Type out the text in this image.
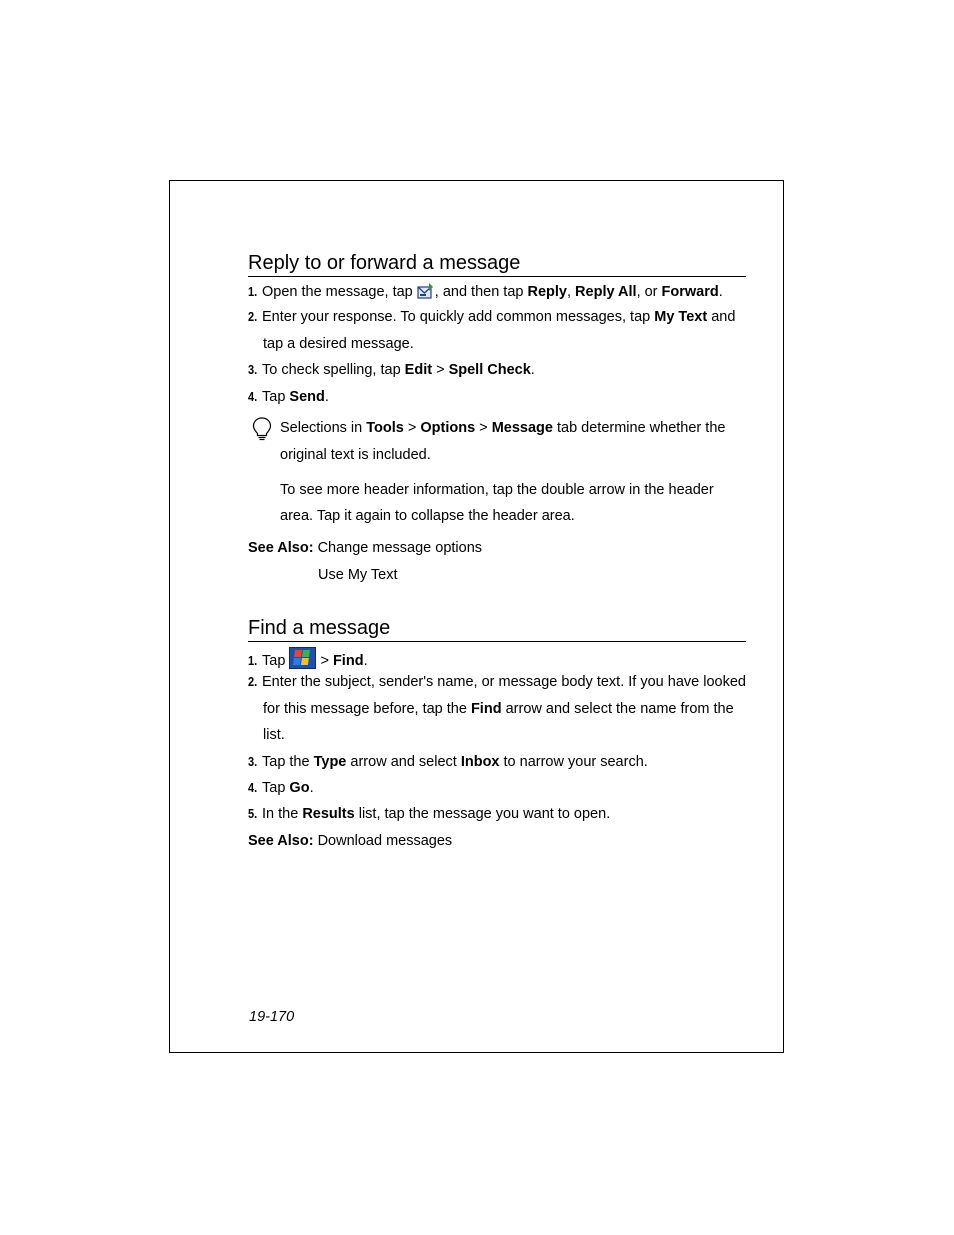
Reply to or forward a message
1. Open the message, tap , and then tap Reply, Reply All, or Forward.
2. Enter your response. To quickly add common messages, tap My Text and
tap a desired message.
3. To check spelling, tap Edit > Spell Check.
4. Tap Send.
Selections in Tools > Options > Message tab determine whether the
original text is included.
To see more header information, tap the double arrow in the header
area. Tap it again to collapse the header area.
See Also: Change message options
Use My Text
Find a message
1. Tap  > Find.
2. Enter the subject, sender's name, or message body text. If you have looked
for this message before, tap the Find arrow and select the name from the
list.
3. Tap the Type arrow and select Inbox to narrow your search.
4. Tap Go.
5. In the Results list, tap the message you want to open.
See Also: Download messages
19-170
